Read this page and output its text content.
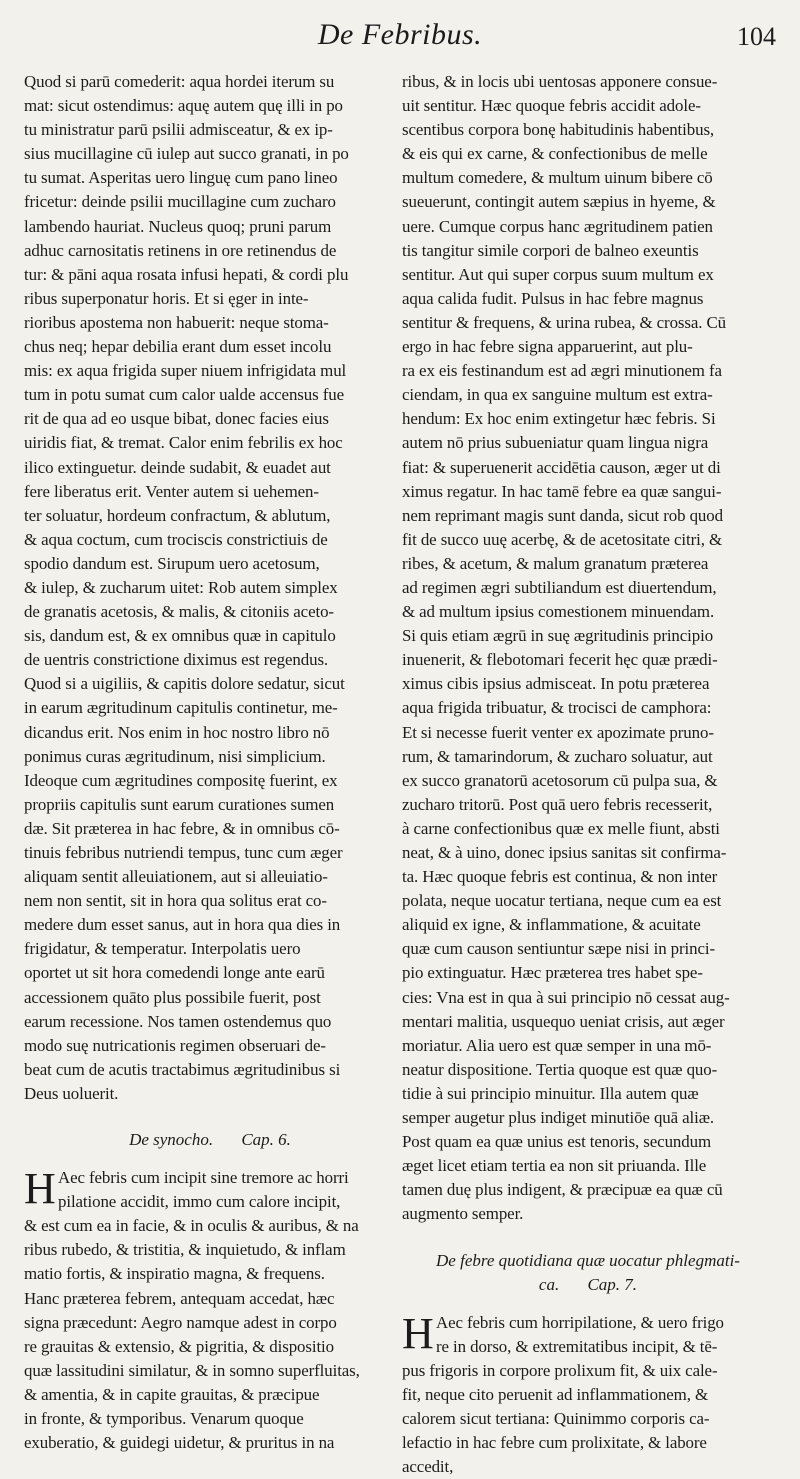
De Febribus.	104
Quod si parū comederit: aqua hordei iterum su
mat: sicut ostendimus: aquę autem quę illi in po
tu ministratur parū psilii admisceatur, & ex ip-
sius mucillagine cū iulep aut succo granati, in po
tu sumat. Asperitas uero linguę cum pano lineo
fricetur: deinde psilii mucillagine cum zucharo
lambendo hauriat. Nucleus quoq; pruni parum
adhuc carnositatis retinens in ore retinendus de
tur: & pāni aqua rosata infusi hepati, & cordi plu
ribus superponatur horis. Et si ęger in inte-
rioribus apostema non habuerit: neque stoma-
chus neq; hepar debilia erant dum esset incolu
mis: ex aqua frigida super niuem infrigidata mul
tum in potu sumat cum calor ualde accensus fue
rit de qua ad eo usque bibat, donec facies eius
uiridis fiat, & tremat. Calor enim febrilis ex hoc
ilico extinguetur. deinde sudabit, & euadet aut
fere liberatus erit. Venter autem si uehemen-
ter soluatur, hordeum confractum, & ablutum,
& aqua coctum, cum trociscis constrictiuis de
spodio dandum est. Sirupum uero acetosum,
& iulep, & zucharum uitet: Rob autem simplex
de granatis acetosis, & malis, & citoniis aceto-
sis, dandum est, & ex omnibus quæ in capitulo
de uentris constrictione diximus est regendus.
Quod si a uigiliis, & capitis dolore sedatur, sicut
in earum ægritudinum capitulis continetur, me-
dicandus erit. Nos enim in hoc nostro libro nō
ponimus curas ægritudinum, nisi simplicium.
Ideoque cum ægritudines compositę fuerint, ex
propriis capitulis sunt earum curationes sumen
dæ. Sit præterea in hac febre, & in omnibus cō-
tinuis febribus nutriendi tempus, tunc cum æger
aliquam sentit alleuiationem, aut si alleuiatio-
nem non sentit, sit in hora qua solitus erat co-
medere dum esset sanus, aut in hora qua dies in
frigidatur, & temperatur. Interpolatis uero
oportet ut sit hora comedendi longe ante earū
accessionem quāto plus possibile fuerit, post
earum recessione. Nos tamen ostendemus quo
modo suę nutricationis regimen obseruari de-
beat cum de acutis tractabimus ægritudinibus si
Deus uoluerit.
De synocho. Cap. 6.
H Aec febris cum incipit sine tremore ac horri
pilatione accidit, immo cum calore incipit,
& est cum ea in facie, & in oculis & auribus, & na
ribus rubedo, & tristitia, & inquietudo, & inflam
matio fortis, & inspiratio magna, & frequens.
Hanc præterea febrem, antequam accedat, hæc
signa præcedunt: Aegro namque adest in corpo
re grauitas & extensio, & pigritia, & dispositio
quæ lassitudini similatur, & in somno superfluitas,
& amentia, & in capite grauitas, & præcipue
in fronte, & tymporibus. Venarum quoque
exuberatio, & guidegi uidetur, & pruritus in na
ribus, & in locis ubi uentosas apponere consue-
uit sentitur. Hæc quoque febris accidit adole-
scentibus corpora bonę habitudinis habentibus,
& eis qui ex carne, & confectionibus de melle
multum comedere, & multum uinum bibere cō
sueuerunt, contingit autem sæpius in hyeme, &
uere. Cumque corpus hanc ægritudinem patien
tis tangitur simile corpori de balneo exeuntis
sentitur. Aut qui super corpus suum multum ex
aqua calida fudit. Pulsus in hac febre magnus
sentitur & frequens, & urina rubea, & crossa. Cū
ergo in hac febre signa apparuerint, aut plu-
ra ex eis festinandum est ad ægri minutionem fa
ciendam, in qua ex sanguine multum est extra-
hendum: Ex hoc enim extingetur hæc febris. Si
autem nō prius subueniatur quam lingua nigra
fiat: & superuenerit accidētia causon, æger ut di
ximus regatur. In hac tamē febre ea quæ sangui-
nem reprimant magis sunt danda, sicut rob quod
fit de succo uuę acerbę, & de acetositate citri, &
ribes, & acetum, & malum granatum præterea
ad regimen ægri subtiliandum est diuertendum,
& ad multum ipsius comestionem minuendam.
Si quis etiam ægrū in suę ægritudinis principio
inuenerit, & flebotomari fecerit hęc quæ prædi-
ximus cibis ipsius admisceat. In potu præterea
aqua frigida tribuatur, & trocisci de camphora:
Et si necesse fuerit venter ex apozimate pruno-
rum, & tamarindorum, & zucharo soluatur, aut
ex succo granatorū acetosorum cū pulpa sua, &
zucharo tritorū. Post quā uero febris recesserit,
à carne confectionibus quæ ex melle fiunt, absti
neat, & à uino, donec ipsius sanitas sit confirma-
ta. Hæc quoque febris est continua, & non inter
polata, neque uocatur tertiana, neque cum ea est
aliquid ex igne, & inflammatione, & acuitate
quæ cum causon sentiuntur sæpe nisi in princi-
pio extinguatur. Hæc præterea tres habet spe-
cies: Vna est in qua à sui principio nō cessat aug-
mentari malitia, usquequo ueniat crisis, aut æger
moriatur. Alia uero est quæ semper in una mō-
neatur dispositione. Tertia quoque est quæ quo-
tidie à sui principio minuitur. Illa autem quæ
semper augetur plus indiget minutiōe quā aliæ.
Post quam ea quæ unius est tenoris, secundum
æget licet etiam tertia ea non sit priuanda. Ille
tamen duę plus indigent, & præcipuæ ea quæ cū
augmento semper.
De febre quotidiana quæ uocatur phlegmati-
ca. Cap. 7.
H Aec febris cum horripilatione, & uero frigo
re in dorso, & extremitatibus incipit, & tē-
pus frigoris in corpore prolixum fit, & uix cale-
fit, neque cito peruenit ad inflammationem, &
calorem sicut tertiana: Quinimmo corporis ca-
lefactio in hac febre cum prolixitate, & labore
accedit,
